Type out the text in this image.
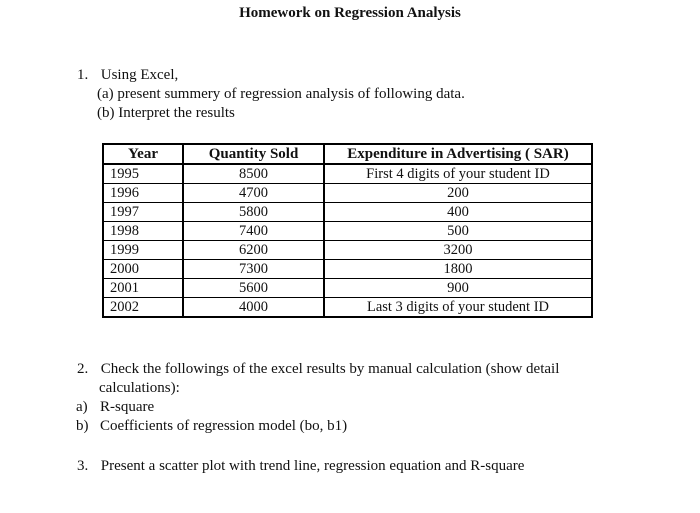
Homework on Regression Analysis
1. Using Excel,
(a) present summery of regression analysis of following data.
(b) Interpret the results
Year	Quantity Sold	Expenditure in Advertising ( SAR)
1995	8500	First 4 digits of your student ID
1996	4700	200
1997	5800	400
1998	7400	500
1999	6200	3200
2000	7300	1800
2001	5600	900
2002	4000	Last 3 digits of your student ID
2. Check the followings of the excel results by manual calculation (show detail
calculations):
a) R-square
b) Coefficients of regression model (bo, b1)
3. Present a scatter plot with trend line, regression equation and R-square
